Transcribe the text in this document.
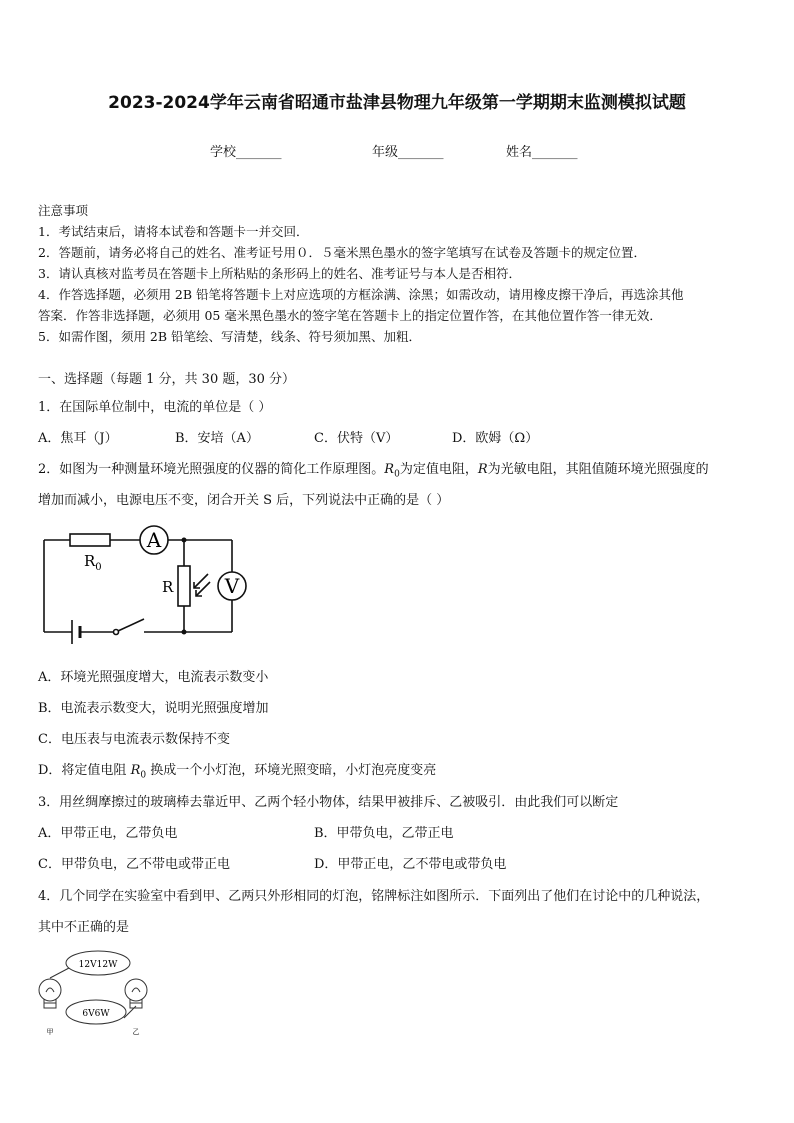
2023-2024学年云南省昭通市盐津县物理九年级第一学期期末监测模拟试题
学校_______	年级_______	姓名_______
注意事项
1．考试结束后，请将本试卷和答题卡一并交回．
2．答题前，请务必将自己的姓名、准考证号用０．５毫米黑色墨水的签字笔填写在试卷及答题卡的规定位置．
3．请认真核对监考员在答题卡上所粘贴的条形码上的姓名、准考证号与本人是否相符．
4．作答选择题，必须用 2B 铅笔将答题卡上对应选项的方框涂满、涂黑；如需改动，请用橡皮擦干净后，再选涂其他
答案．作答非选择题，必须用 05 毫米黑色墨水的签字笔在答题卡上的指定位置作答，在其他位置作答一律无效．
5．如需作图，须用 2B 铅笔绘、写清楚，线条、符号须加黑、加粗．
一、选择题（每题 1 分，共 30 题，30 分）
1．在国际单位制中，电流的单位是（ ）
A．焦耳（J）	B．安培（A）	C．伏特（V）	D．欧姆（Ω）
2．如图为一种测量环境光照强度的仪器的简化工作原理图。$R_0$为定值电阻，R为光敏电阻，其阻值随环境光照强度的
增加而减小，电源电压不变，闭合开关 S 后，下列说法中正确的是（ ）
A
V
$R_0$
R
A．环境光照强度增大，电流表示数变小
B．电流表示数变大，说明光照强度增加
C．电压表与电流表示数保持不变
D．将定值电阻 $R_0$ 换成一个小灯泡，环境光照变暗，小灯泡亮度变亮
3．用丝绸摩擦过的玻璃棒去靠近甲、乙两个轻小物体，结果甲被排斥、乙被吸引．由此我们可以断定
A．甲带正电，乙带负电	B．甲带负电，乙带正电
C．甲带负电，乙不带电或带正电	D．甲带正电，乙不带电或带负电
4．几个同学在实验室中看到甲、乙两只外形相同的灯泡，铭牌标注如图所示．下面列出了他们在讨论中的几种说法，
其中不正确的是
12V12W
6V6W
甲	乙
